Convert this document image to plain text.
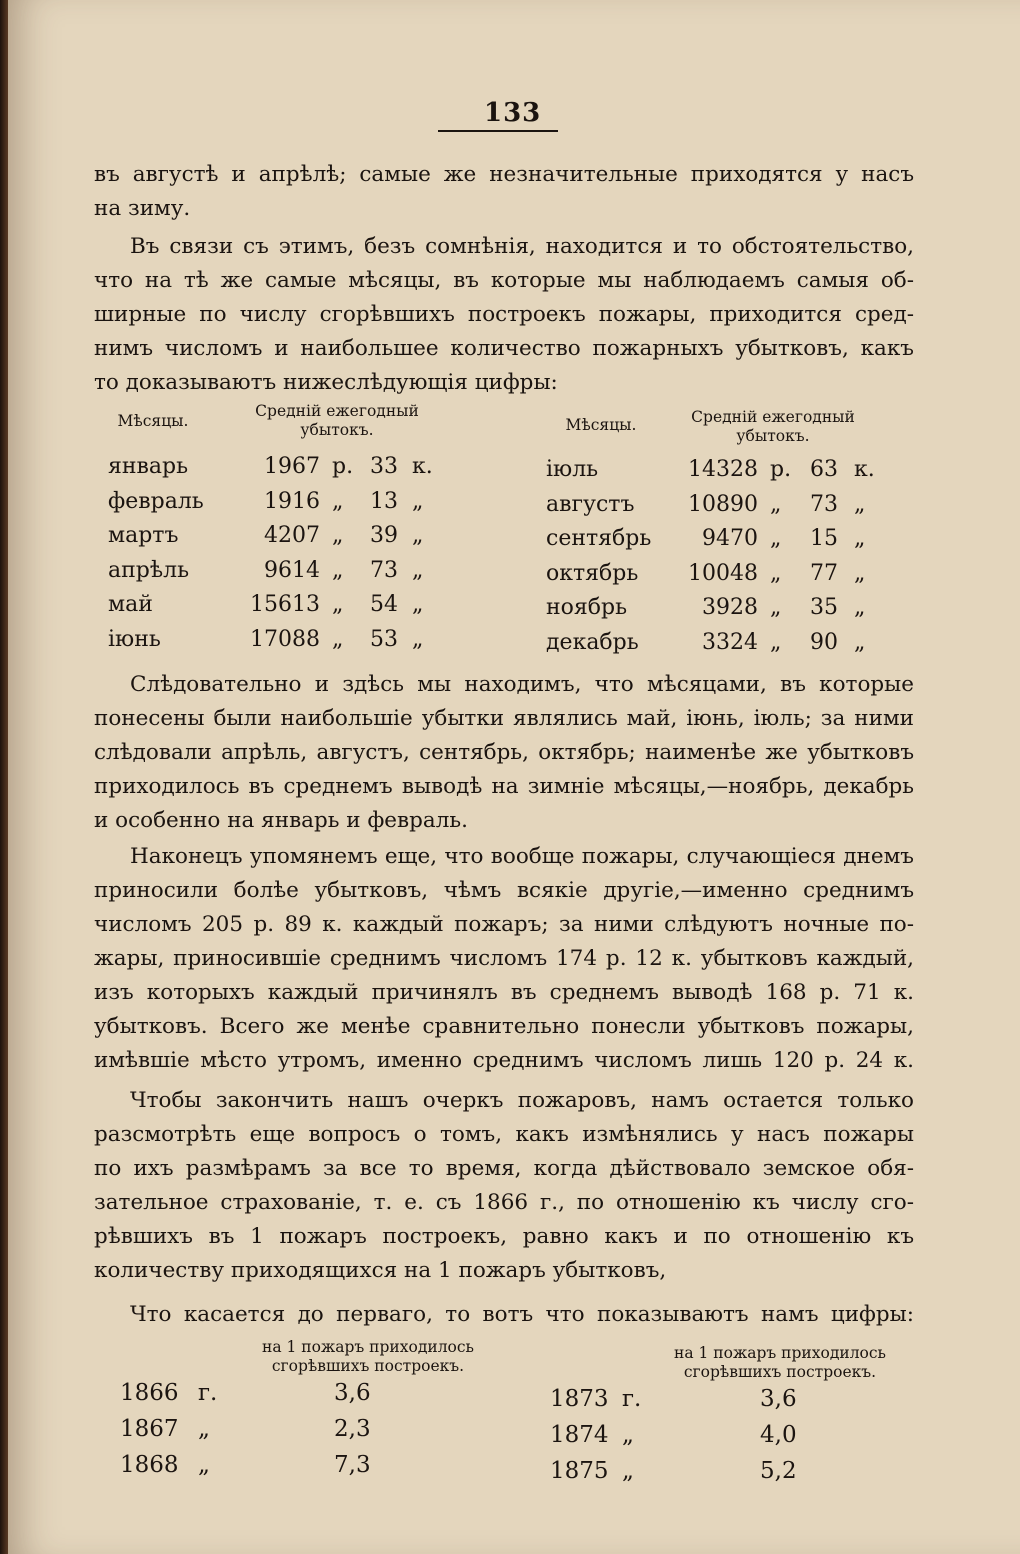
133
въ августѣ и апрѣлѣ; самые же незначительные приходятся у насъ
на зиму.
Въ связи съ этимъ, безъ сомнѣнія, находится и то обстоятельство,
что на тѣ же самые мѣсяцы, въ которые мы наблюдаемъ самыя об-
ширные по числу сгорѣвшихъ построекъ пожары, приходится сред-
нимъ числомъ и наибольшее количество пожарныхъ убытковъ, какъ
то доказываютъ нижеслѣдующія цифры:
Мѣсяцы.
Средній ежегодный убытокъ.	Мѣсяцы.	Средній ежегодный убытокъ.
январь	1967 р. 33 к.
февраль	1916 „	13 „
мартъ	4207 „	39 „
апрѣль	9614 „	73 „
май	15613 „	54 „
іюнь	17088 „	53 „
іюль	14328 р. 63 к.
августъ	10890 „	73 „
сентябрь	9470 „	15 „
октябрь	10048 „	77 „
ноябрь	3928 „	35 „
декабрь	3324 „	90 „
Слѣдовательно и здѣсь мы находимъ, что мѣсяцами, въ которые
понесены были наибольшіе убытки являлись май, іюнь, іюль; за ними
слѣдовали апрѣль, августъ, сентябрь, октябрь; наименѣе же убытковъ
приходилось въ среднемъ выводѣ на зимніе мѣсяцы,—ноябрь, декабрь
и особенно на январь и февраль.
Наконецъ упомянемъ еще, что вообще пожары, случающіеся днемъ
приносили болѣе убытковъ, чѣмъ всякіе другіе,—именно среднимъ
числомъ 205 р. 89 к. каждый пожаръ; за ними слѣдуютъ ночные по-
жары, приносившіе среднимъ числомъ 174 р. 12 к. убытковъ каждый,
изъ которыхъ каждый причинялъ въ среднемъ выводѣ 168 р. 71 к.
убытковъ. Всего же менѣе сравнительно понесли убытковъ пожары,
имѣвшіе мѣсто утромъ, именно среднимъ числомъ лишь 120 р. 24 к.
Чтобы закончить нашъ очеркъ пожаровъ, намъ остается только
разсмотрѣть еще вопросъ о томъ, какъ измѣнялись у насъ пожары
по ихъ размѣрамъ за все то время, когда дѣйствовало земское обя-
зательное страхованіе, т. е. съ 1866 г., по отношенію къ числу сго-
рѣвшихъ въ 1 пожаръ построекъ, равно какъ и по отношенію къ
количеству приходящихся на 1 пожаръ убытковъ,
Что касается до перваго, то вотъ что показываютъ намъ цифры:
на 1 пожаръ приходилось сгорѣвшихъ построекъ.
на 1 пожаръ приходилось сгорѣвшихъ построекъ.
1866 г.	3,6
1867 „	2,3
1868 „	7,3
1873 г.	3,6
1874 „	4,0
1875 „	5,2
